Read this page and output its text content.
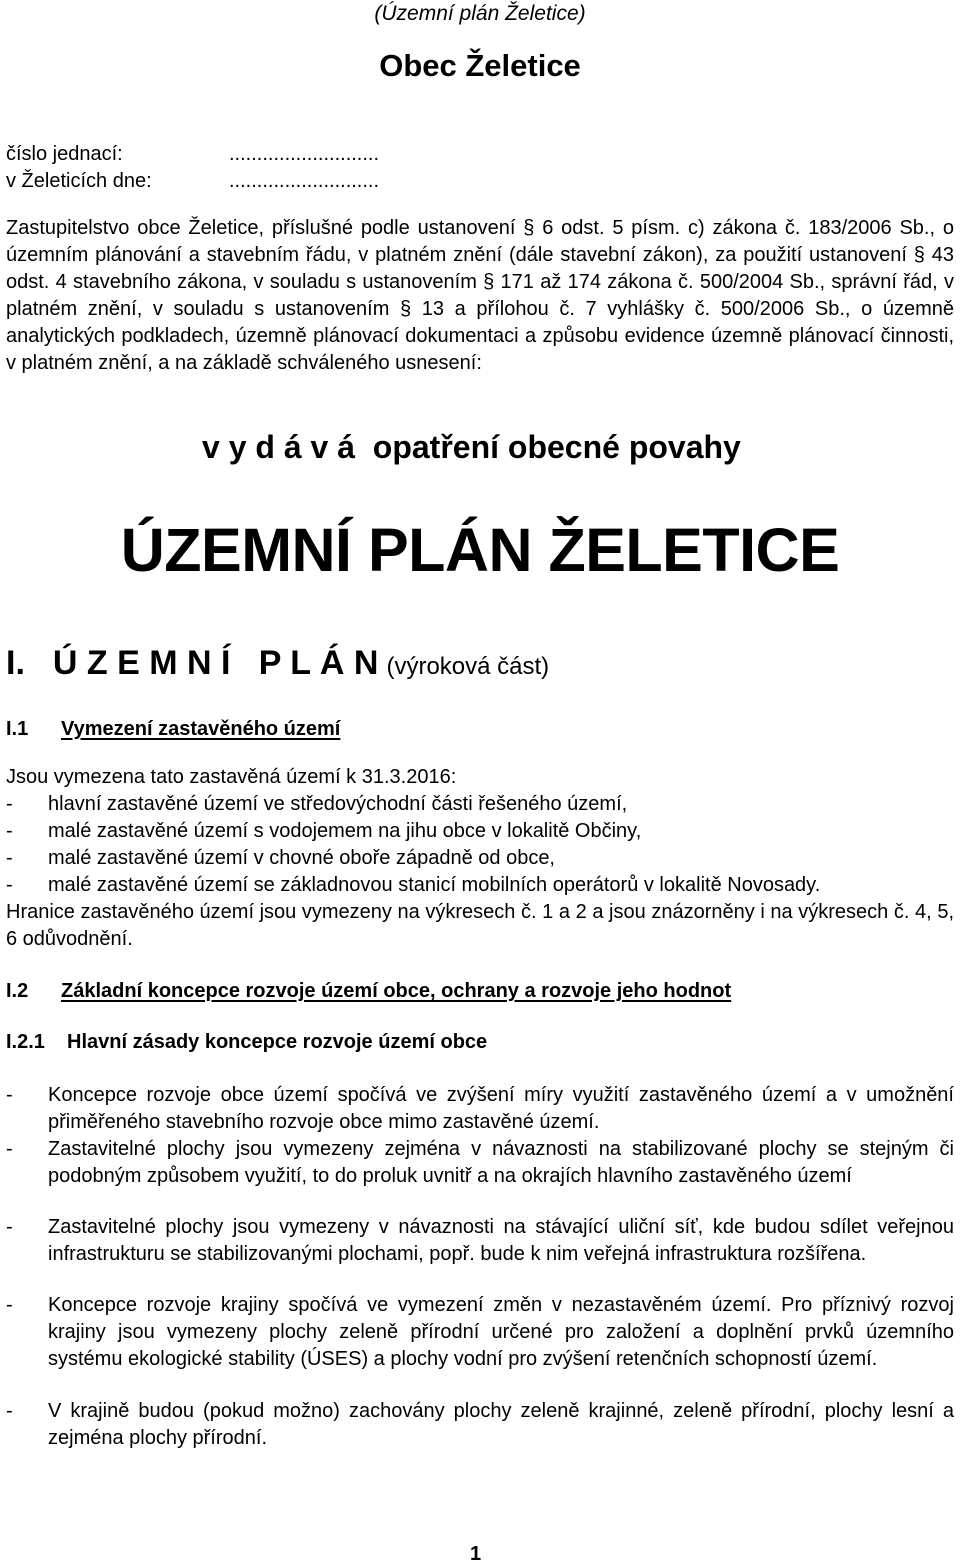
(Územní plán Želetice)
Obec Želetice
číslo jednací:	...........................
v Želeticích dne:	...........................
Zastupitelstvo obce Želetice, příslušné podle ustanovení § 6 odst. 5 písm. c) zákona č. 183/2006 Sb., o územním plánování a stavebním řádu, v platném znění (dále stavební zákon), za použití ustanovení § 43 odst. 4 stavebního zákona, v souladu s ustanovením § 171 až 174 zákona č. 500/2004 Sb., správní řád, v platném znění, v souladu s ustanovením § 13 a přílohou č. 7 vyhlášky č. 500/2006 Sb., o územně analytických podkladech, územně plánovací dokumentaci a způsobu evidence územně plánovací činnosti, v platném znění, a na základě schváleného usnesení:
v y d á v á  opatření obecné povahy
ÚZEMNÍ PLÁN ŽELETICE
I. Ú Z E M N Í   P L Á N (výroková část)
I.1 Vymezení zastavěného území
Jsou vymezena tato zastavěná území k 31.3.2016:
- hlavní zastavěné území ve středovýchodní části řešeného území,
- malé zastavěné území s vodojemem na jihu obce v lokalitě Občiny,
- malé zastavěné území v chovné oboře západně od obce,
- malé zastavěné území se základnovou stanicí mobilních operátorů v lokalitě Novosady.
Hranice zastavěného území jsou vymezeny na výkresech č. 1 a 2 a jsou znázorněny i na výkresech č. 4, 5, 6 odůvodnění.
I.2 Základní koncepce rozvoje území obce, ochrany a rozvoje jeho hodnot
I.2.1 Hlavní zásady koncepce rozvoje území obce
- Koncepce rozvoje obce území spočívá ve zvýšení míry využití zastavěného území a v umožnění přiměřeného stavebního rozvoje obce mimo zastavěné území.
- Zastavitelné plochy jsou vymezeny zejména v návaznosti na stabilizované plochy se stejným či podobným způsobem využití, to do proluk uvnitř a na okrajích hlavního zastavěného území
- Zastavitelné plochy jsou vymezeny v návaznosti na stávající uliční síť, kde budou sdílet veřejnou infrastrukturu se stabilizovanými plochami, popř. bude k nim veřejná infrastruktura rozšířena.
- Koncepce rozvoje krajiny spočívá ve vymezení změn v nezastavěném území. Pro příznivý rozvoj krajiny jsou vymezeny plochy zeleně přírodní určené pro založení a doplnění prvků územního systému ekologické stability (ÚSES) a plochy vodní pro zvýšení retenčních schopností území.
- V krajině budou (pokud možno) zachovány plochy zeleně krajinné, zeleně přírodní, plochy lesní a zejména plochy přírodní.
1
